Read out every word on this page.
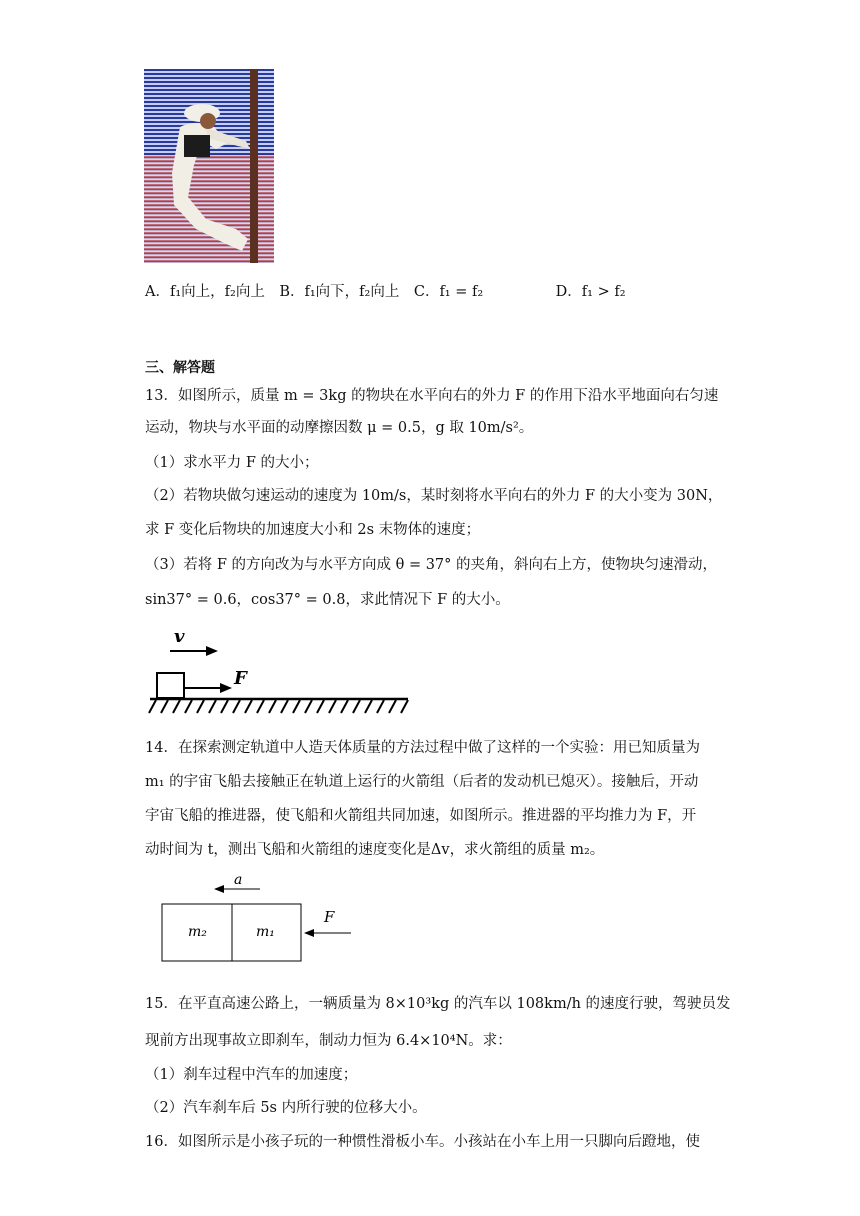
A．f₁向上，f₂向上　B．f₁向下，f₂向上　C．f₁ = f₂　　　　　D．f₁ > f₂
三、解答题
13．如图所示，质量 m = 3kg 的物块在水平向右的外力 F 的作用下沿水平地面向右匀速
运动，物块与水平面的动摩擦因数 μ = 0.5，g 取 10m/s²。
（1）求水平力 F 的大小；
（2）若物块做匀速运动的速度为 10m/s，某时刻将水平向右的外力 F 的大小变为 30N，
求 F 变化后物块的加速度大小和 2s 末物体的速度；
（3）若将 F 的方向改为与水平方向成 θ = 37° 的夹角，斜向右上方，使物块匀速滑动，
sin37° = 0.6，cos37° = 0.8，求此情况下 F 的大小。
v
F
14．在探索测定轨道中人造天体质量的方法过程中做了这样的一个实验：用已知质量为
m₁ 的宇宙飞船去接触正在轨道上运行的火箭组（后者的发动机已熄灭）。接触后，开动
宇宙飞船的推进器，使飞船和火箭组共同加速，如图所示。推进器的平均推力为 F，开
动时间为 t，测出飞船和火箭组的速度变化是Δv，求火箭组的质量 m₂。
a
m₂	m₁
F
15．在平直高速公路上，一辆质量为 8×10³kg 的汽车以 108km/h 的速度行驶，驾驶员发
现前方出现事故立即刹车，制动力恒为 6.4×10⁴N。求：
（1）刹车过程中汽车的加速度；
（2）汽车刹车后 5s 内所行驶的位移大小。
16．如图所示是小孩子玩的一种惯性滑板小车。小孩站在小车上用一只脚向后蹬地，使
